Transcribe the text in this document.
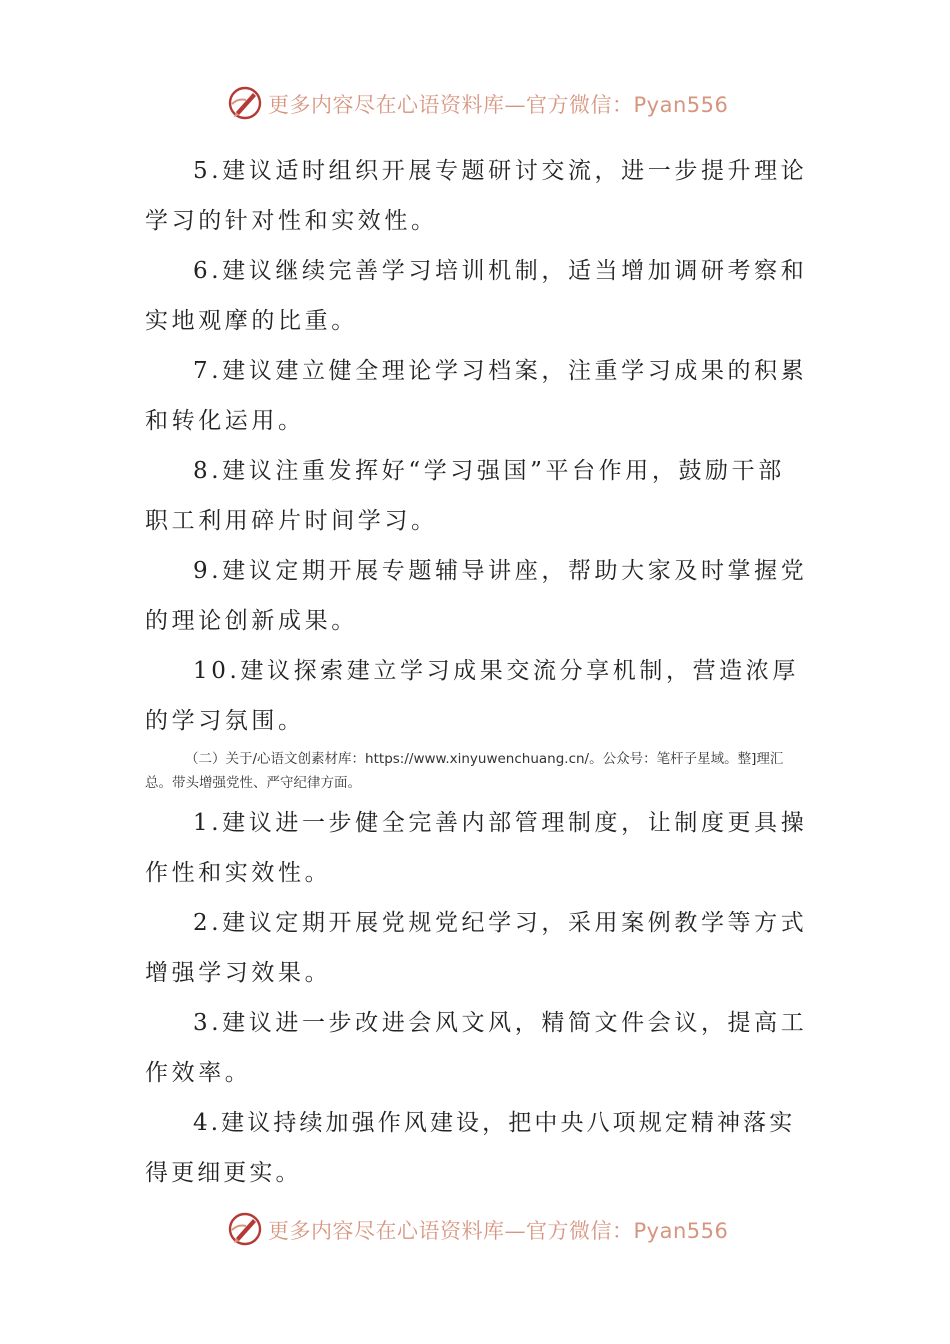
更多内容尽在心语资料库—官方微信：Pyan556

5.建议适时组织开展专题研讨交流，进一步提升理论学习的针对性和实效性。

6.建议继续完善学习培训机制，适当增加调研考察和实地观摩的比重。

7.建议建立健全理论学习档案，注重学习成果的积累和转化运用。

8.建议注重发挥好“学习强国”平台作用，鼓励干部职工利用碎片时间学习。

9.建议定期开展专题辅导讲座，帮助大家及时掌握党的理论创新成果。

10.建议探索建立学习成果交流分享机制，营造浓厚的学习氛围。

（二）关于/心语文创素材库：https://www.xinyuwenchuang.cn/。公众号：笔杆子星域。整]理汇总。带头增强党性、严守纪律方面。

1.建议进一步健全完善内部管理制度，让制度更具操作性和实效性。

2.建议定期开展党规党纪学习，采用案例教学等方式增强学习效果。

3.建议进一步改进会风文风，精简文件会议，提高工作效率。

4.建议持续加强作风建设，把中央八项规定精神落实得更细更实。

更多内容尽在心语资料库—官方微信：Pyan556
